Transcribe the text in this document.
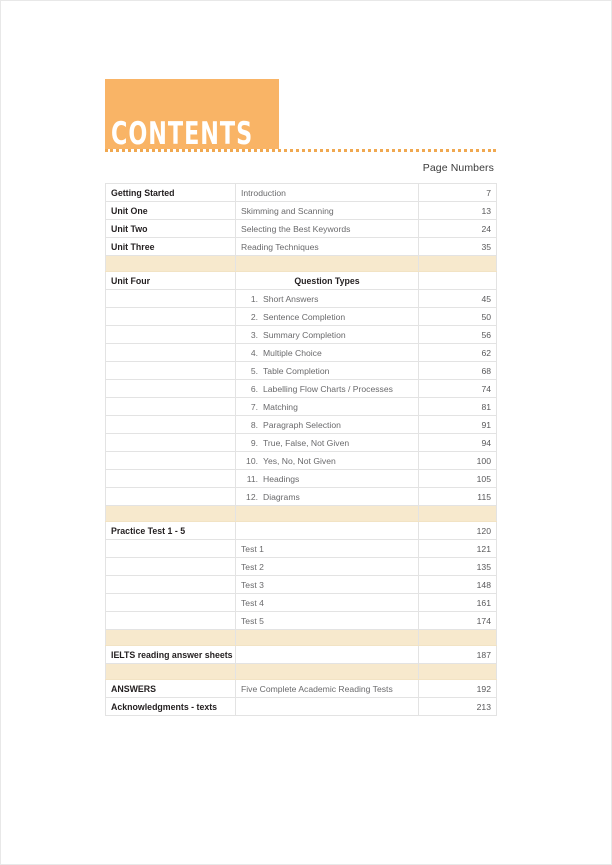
CONTENTS
Page Numbers
Getting Started	Introduction	7
Unit One	Skimming and Scanning	13
Unit Two	Selecting the Best Keywords	24
Unit Three	Reading Techniques	35

Unit Four	Question Types	
	1. Short Answers	45
	2. Sentence Completion	50
	3. Summary Completion	56
	4. Multiple Choice	62
	5. Table Completion	68
	6. Labelling Flow Charts / Processes	74
	7. Matching	81
	8. Paragraph Selection	91
	9. True, False, Not Given	94
	10. Yes, No, Not Given	100
	11. Headings	105
	12. Diagrams	115

Practice Test 1 - 5		120
	Test 1	121
	Test 2	135
	Test 3	148
	Test 4	161
	Test 5	174

IELTS reading answer sheets		187

ANSWERS	Five Complete Academic Reading Tests	192
Acknowledgments - texts		213
